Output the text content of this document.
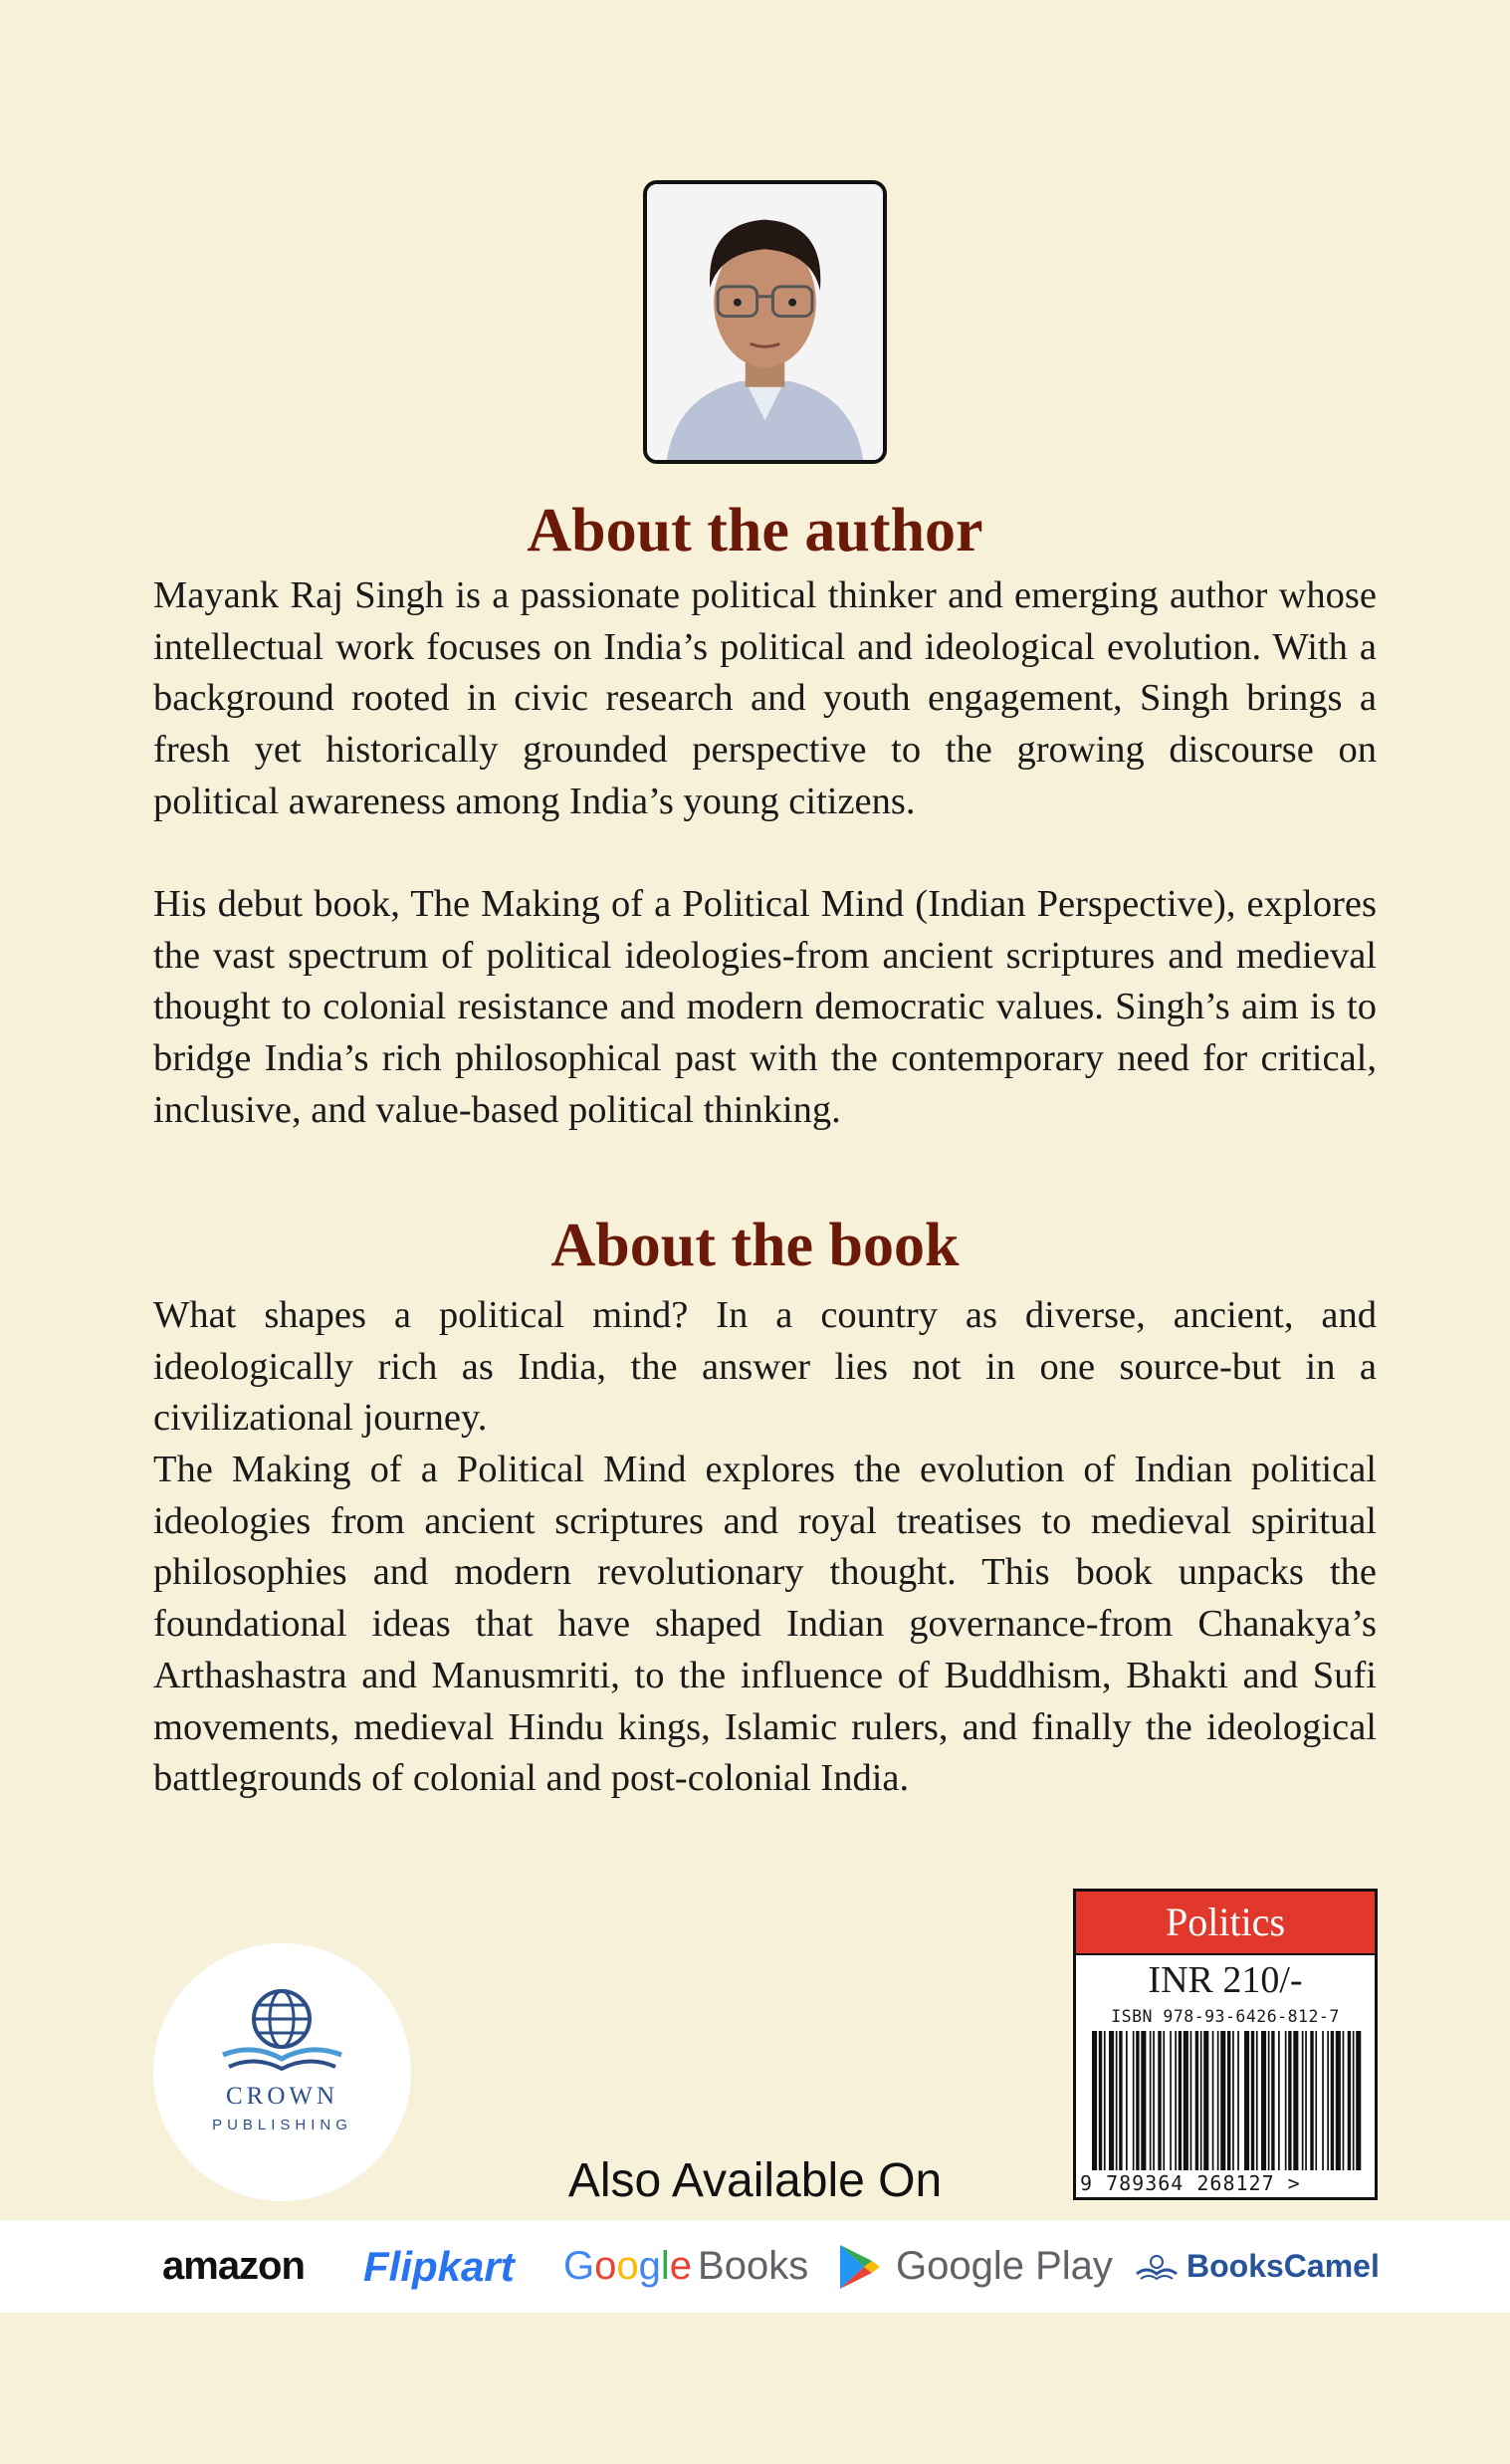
About the author

Mayank Raj Singh is a passionate political thinker and emerging author whose intellectual work focuses on India’s political and ideological evolution. With a background rooted in civic research and youth engagement, Singh brings a fresh yet historically grounded perspective to the growing discourse on political awareness among India’s young citizens.

His debut book, The Making of a Political Mind (Indian Perspective), explores the vast spectrum of political ideologies-from ancient scriptures and medieval thought to colonial resistance and modern democratic values. Singh’s aim is to bridge India’s rich philosophical past with the contemporary need for critical, inclusive, and value-based political thinking.

About the book

What shapes a political mind? In a country as diverse, ancient, and ideologically rich as India, the answer lies not in one source-but in a civilizational journey.

The Making of a Political Mind explores the evolution of Indian political ideologies from ancient scriptures and royal treatises to medieval spiritual philosophies and modern revolutionary thought. This book unpacks the foundational ideas that have shaped Indian governance-from Chanakya’s Arthashastra and Manusmriti, to the influence of Buddhism, Bhakti and Sufi movements, medieval Hindu kings, Islamic rulers, and finally the ideological battlegrounds of colonial and post-colonial India.

Politics
INR 210/-
ISBN 978-93-6426-812-7
9 789364 268127 >
CROWN
PUBLISHING
Also Available On
amazon Flipkart Google Books Google Play BooksCamel
